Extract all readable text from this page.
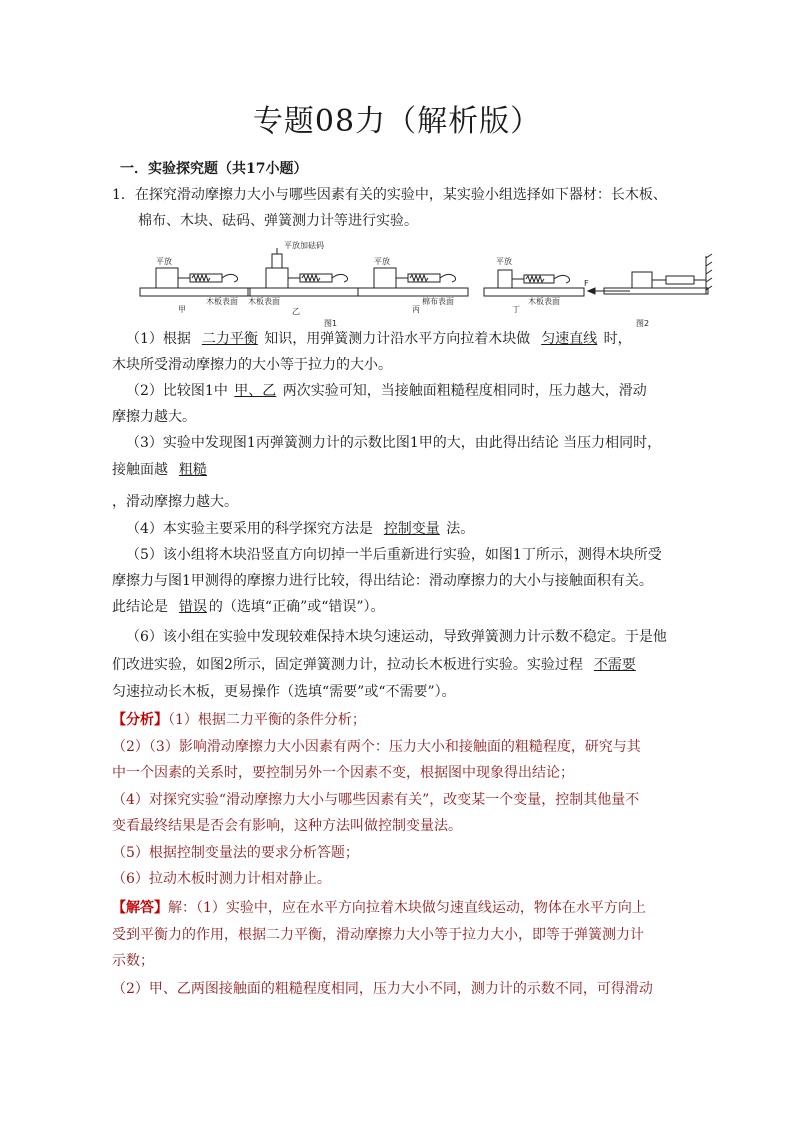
专题08力（解析版）
一．实验探究题（共17小题）
1．在探究滑动摩擦力大小与哪些因素有关的实验中，某实验小组选择如下器材：长木板、
棉布、木块、砝码、弹簧测力计等进行实验。
平放
木板表面
甲
平放加砝码
木板表面
乙
平放
棉布表面
丙
平放
木板表面
丁
F
图1	图2
（1）根据 二力平衡 知识，用弹簧测力计沿水平方向拉着木块做 匀速直线 时，
木块所受滑动摩擦力的大小等于拉力的大小。
（2）比较图1中 甲、乙 两次实验可知，当接触面粗糙程度相同时，压力越大，滑动
摩擦力越大。
（3）实验中发现图1丙弹簧测力计的示数比图1甲的大，由此得出结论 当压力相同时，
接触面越 粗糙
，滑动摩擦力越大。
（4）本实验主要采用的科学探究方法是 控制变量 法。
（5）该小组将木块沿竖直方向切掉一半后重新进行实验，如图1丁所示，测得木块所受
摩擦力与图1甲测得的摩擦力进行比较，得出结论：滑动摩擦力的大小与接触面积有关。
此结论是 错误 的（选填“正确”或“错误”）。
（6）该小组在实验中发现较难保持木块匀速运动，导致弹簧测力计示数不稳定。于是他
们改进实验，如图2所示，固定弹簧测力计，拉动长木板进行实验。实验过程 不需要
匀速拉动长木板，更易操作（选填“需要”或“不需要”）。
【分析】（1）根据二力平衡的条件分析；
（2）（3）影响滑动摩擦力大小因素有两个：压力大小和接触面的粗糙程度，研究与其
中一个因素的关系时，要控制另外一个因素不变，根据图中现象得出结论；
（4）对探究实验“滑动摩擦力大小与哪些因素有关”，改变某一个变量，控制其他量不
变看最终结果是否会有影响，这种方法叫做控制变量法。
（5）根据控制变量法的要求分析答题；
（6）拉动木板时测力计相对静止。
【解答】解：（1）实验中，应在水平方向拉着木块做匀速直线运动，物体在水平方向上
受到平衡力的作用，根据二力平衡，滑动摩擦力大小等于拉力大小，即等于弹簧测力计
示数；
（2）甲、乙两图接触面的粗糙程度相同，压力大小不同，测力计的示数不同，可得滑动
